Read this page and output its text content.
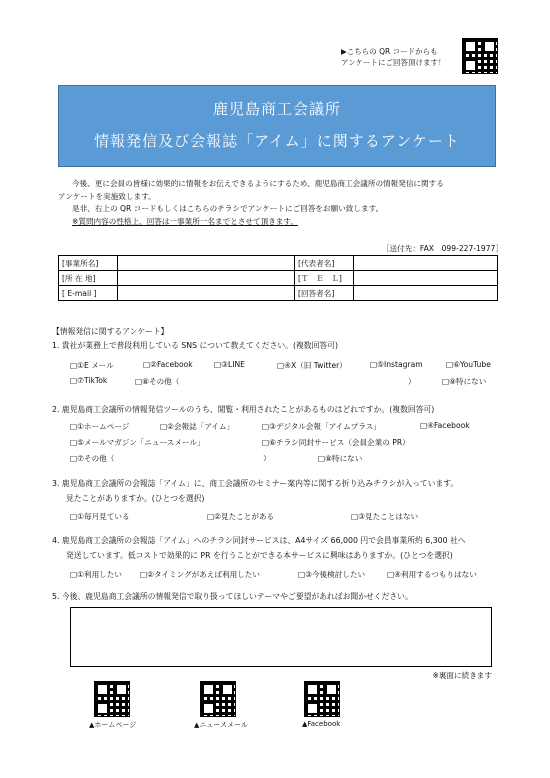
▶こちらの QR コードからも
アンケートにご回答頂けます！
鹿児島商工会議所
情報発信及び会報誌「アイム」に関するアンケート

今後、更に会員の皆様に効果的に情報をお伝えできるようにするため、鹿児島商工会議所の情報発信に関する

アンケートを実施致します。

是非、右上の QR コードもしくはこちらのチラシでアンケートにご回答をお願い致します。

※質問内容の性格上、回答は一事業所一名までとさせて頂きます。

［送付先：FAX　099-227-1977］
[事業所名]		[代表者名]	
[所 在 地]		[Ｔ　Ｅ　Ｌ]	
[ E-mail ]		[回答者名]	
【情報発信に関するアンケート】
1. 貴社が業務上で普段利用している SNS について教えてください。(複数回答可)
□①E メール	□②Facebook	□③LINE	□④X（旧 Twitter）	□⑤Instagram	□⑥YouTube
□⑦TikTok	□⑧その他（	）	□⑨特にない
2. 鹿児島商工会議所の情報発信ツールのうち、閲覧・利用されたことがあるものはどれですか。(複数回答可)
□①ホームページ	□②会報誌「アイム」	□③デジタル会報「アイムプラス」	□④Facebook
□⑤メールマガジン「ニュースメール」	□⑥チラシ同封サービス（会員企業の PR）
□⑦その他（	）	□⑧特にない
3. 鹿児島商工会議所の会報誌「アイム」に、商工会議所のセミナー案内等に関する折り込みチラシが入っています。
見たことがありますか。(ひとつを選択)
□①毎月見ている	□②見たことがある	□③見たことはない
4. 鹿児島商工会議所の会報誌「アイム」へのチラシ同封サービスは、A4サイズ 66,000 円で会員事業所約 6,300 社へ
発送しています。低コストで効果的に PR を行うことができる本サービスに興味はありますか。(ひとつを選択)
□①利用したい □②タイミングがあえば利用したい	□③今後検討したい	□④利用するつもりはない
5. 今後、鹿児島商工会議所の情報発信で取り扱ってほしいテーマやご要望があればお聞かせください。
※裏面に続きます
▲ホームページ	▲ニュースメール	▲Facebook
